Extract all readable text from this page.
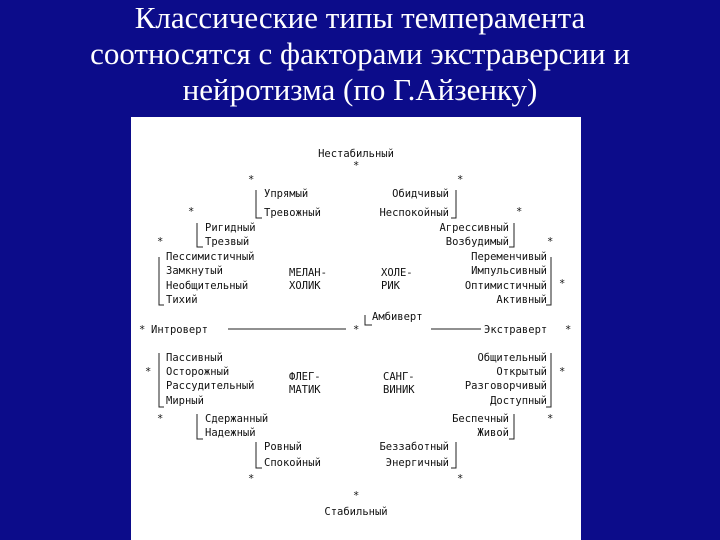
Классические типы темперамента
соотносятся с факторами экстраверсии и
нейротизма (по Г.Айзенку)
Нестабильный
Стабильный
Интроверт	Экстраверт
Амбиверт
МЕЛАН-
ХОЛИК
ХОЛЕ-
РИК
ФЛЕГ-
МАТИК
САНГ-
ВИНИК
Упрямый
Тревожный
Ригидный
Трезвый
Пессимистичный
Замкнутый
Необщительный
Тихий
Обидчивый
Неспокойный
Агрессивный
Возбудимый
Переменчивый
Импульсивный
Оптимистичный
Активный
Пассивный
Осторожный
Рассудительный
Мирный
Сдержанный
Надежный
Ровный
Спокойный
Общительный
Открытый
Разговорчивый
Доступный
Беспечный
Живой
Беззаботный
Энергичный
*
*	*
*	*
*	*
*
*	*	*
*	*
*	*
*	*
*
